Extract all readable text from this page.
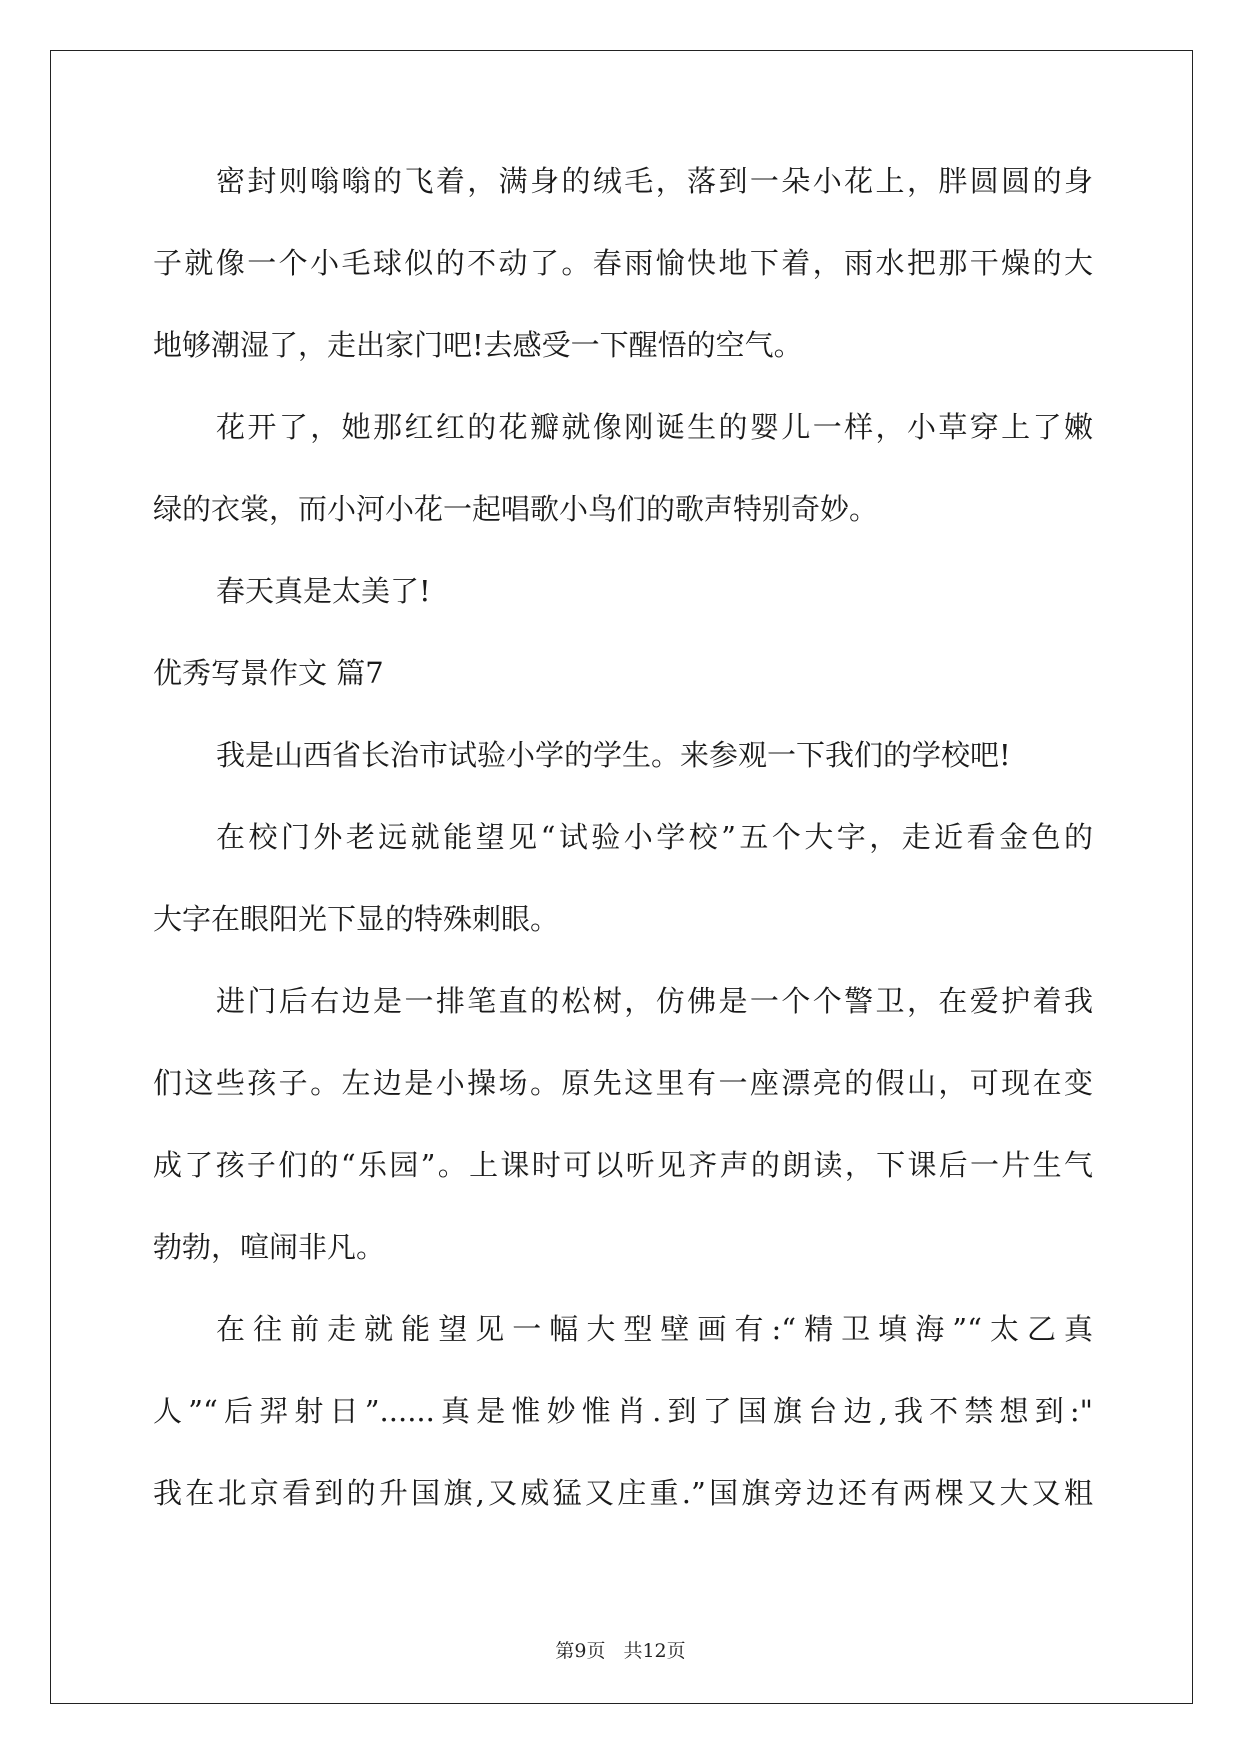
密封则嗡嗡的飞着，满身的绒毛，落到一朵小花上，胖圆圆的身
子就像一个小毛球似的不动了。春雨愉快地下着，雨水把那干燥的大
地够潮湿了，走出家门吧!去感受一下醒悟的空气。
花开了，她那红红的花瓣就像刚诞生的婴儿一样，小草穿上了嫩
绿的衣裳，而小河小花一起唱歌小鸟们的歌声特别奇妙。
春天真是太美了!
优秀写景作文 篇7
我是山西省长治市试验小学的学生。来参观一下我们的学校吧!
在校门外老远就能望见“试验小学校”五个大字，走近看金色的
大字在眼阳光下显的特殊刺眼。
进门后右边是一排笔直的松树，仿佛是一个个警卫，在爱护着我
们这些孩子。左边是小操场。原先这里有一座漂亮的假山，可现在变
成了孩子们的“乐园”。上课时可以听见齐声的朗读，下课后一片生气
勃勃，喧闹非凡。
在往前走就能望见一幅大型壁画有:“精卫填海”“太乙真
人”“后羿射日”......真是惟妙惟肖.到了国旗台边,我不禁想到:"
我在北京看到的升国旗,又威猛又庄重.”国旗旁边还有两棵又大又粗
第9页 共12页
